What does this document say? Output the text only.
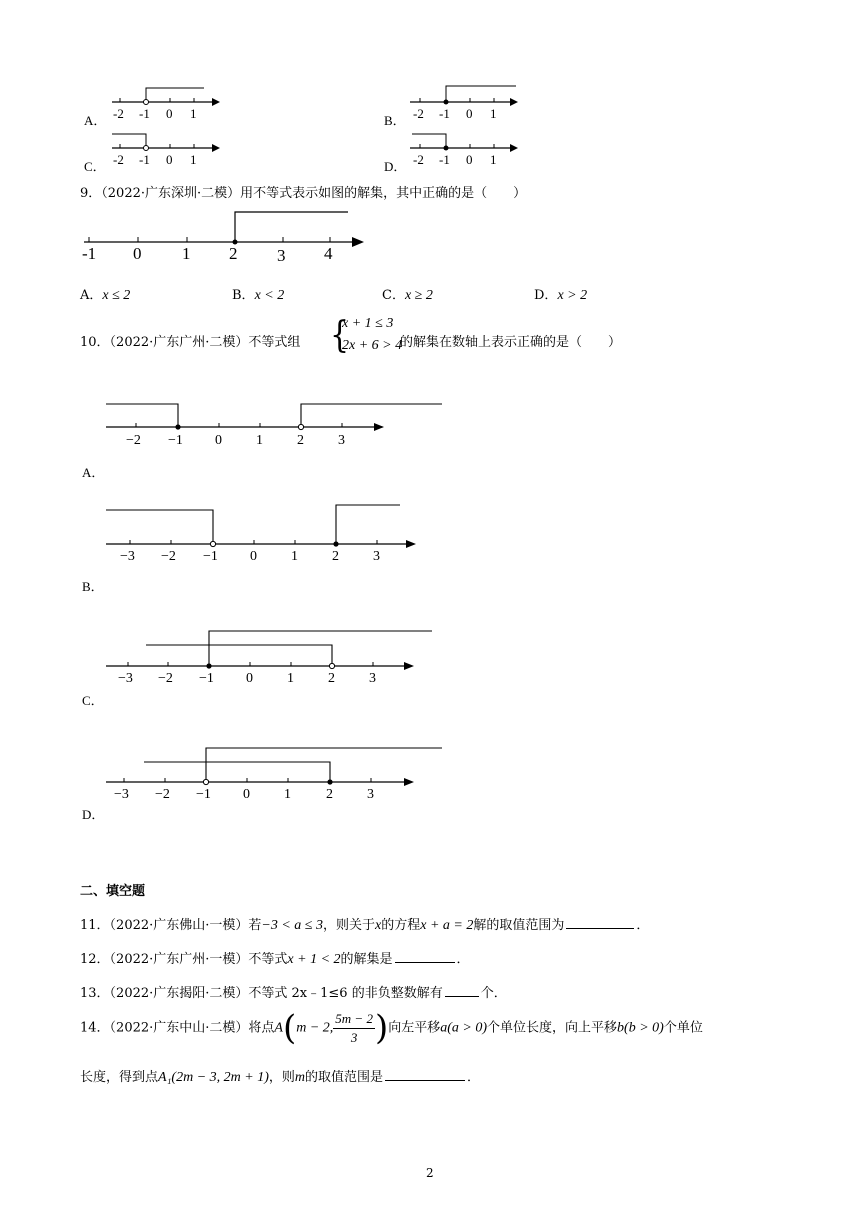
A． -2 -1 0 1	B． -2 -1 0 1
C． -2 -1 0 1	D． -2 -1 0 1
9．（2022·广东深圳·二模）用不等式表示如图的解集，其中正确的是（　　）
-1 0 1 2 3 4
A．x ≤ 2	B．x < 2	C．x ≥ 2	D．x > 2
10．（2022·广东广州·二模）不等式组 {
x + 1 ≤ 3
2x + 6 > 4
的解集在数轴上表示正确的是（　　）
−2 −1 0 1 2 3
A．
−3 −2 −1 0 1 2 3
B．
−3 −2 −1 0 1 2 3
C．
−3 −2 −1 0 1	2 3
D．
二、填空题
11．（2022·广东佛山·一模）若−3 < a ≤ 3，则关于x的方程x + a = 2解的取值范围为	．
12．（2022·广东广州·一模）不等式x + 1 < 2的解集是	．
13．（2022·广东揭阳·二模）不等式 2x﹣1≤6 的非负整数解有	个．
14．（2022·广东中山·二模）将点A(m − 2, $\frac{5m - 2}{3}$ )向左平移a(a > 0)个单位长度，向上平移b(b > 0)个单位
长度，得到点A₁(2m − 3, 2m + 1)，则m的取值范围是	．
2
